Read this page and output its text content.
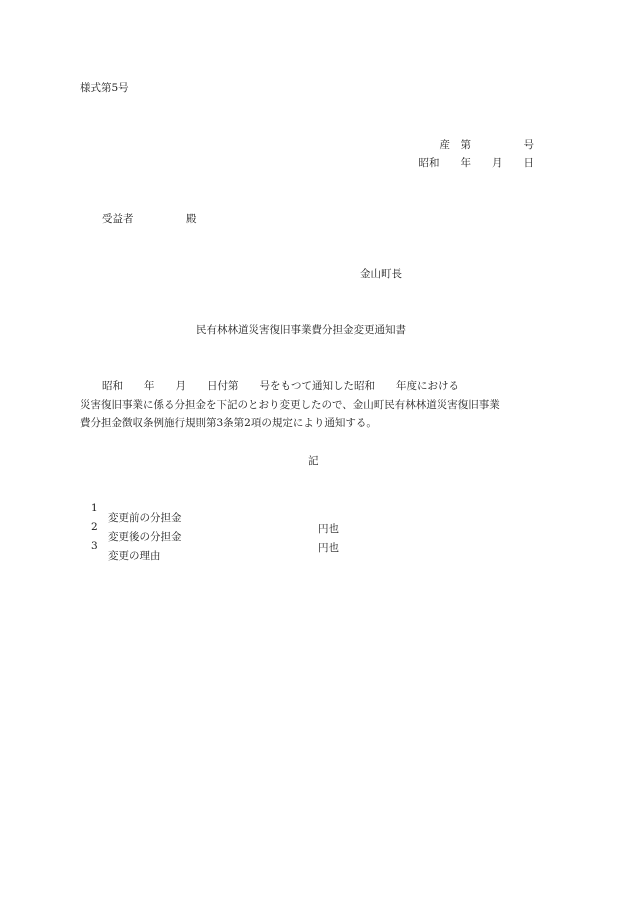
様式第5号
産　第　　　　　号
昭和　　年　　月　　日
受益者　　　　　殿
金山町長
民有林林道災害復旧事業費分担金変更通知書
昭和　　年　　月　　日付第　　号をもつて通知した昭和　　年度における
災害復旧事業に係る分担金を下記のとおり変更したので、金山町民有林林道災害復旧事業
費分担金徴収条例施行規則第3条第2項の規定により通知する。
記

1

変更前の分担金

円也

2

変更後の分担金

円也

3

変更の理由
